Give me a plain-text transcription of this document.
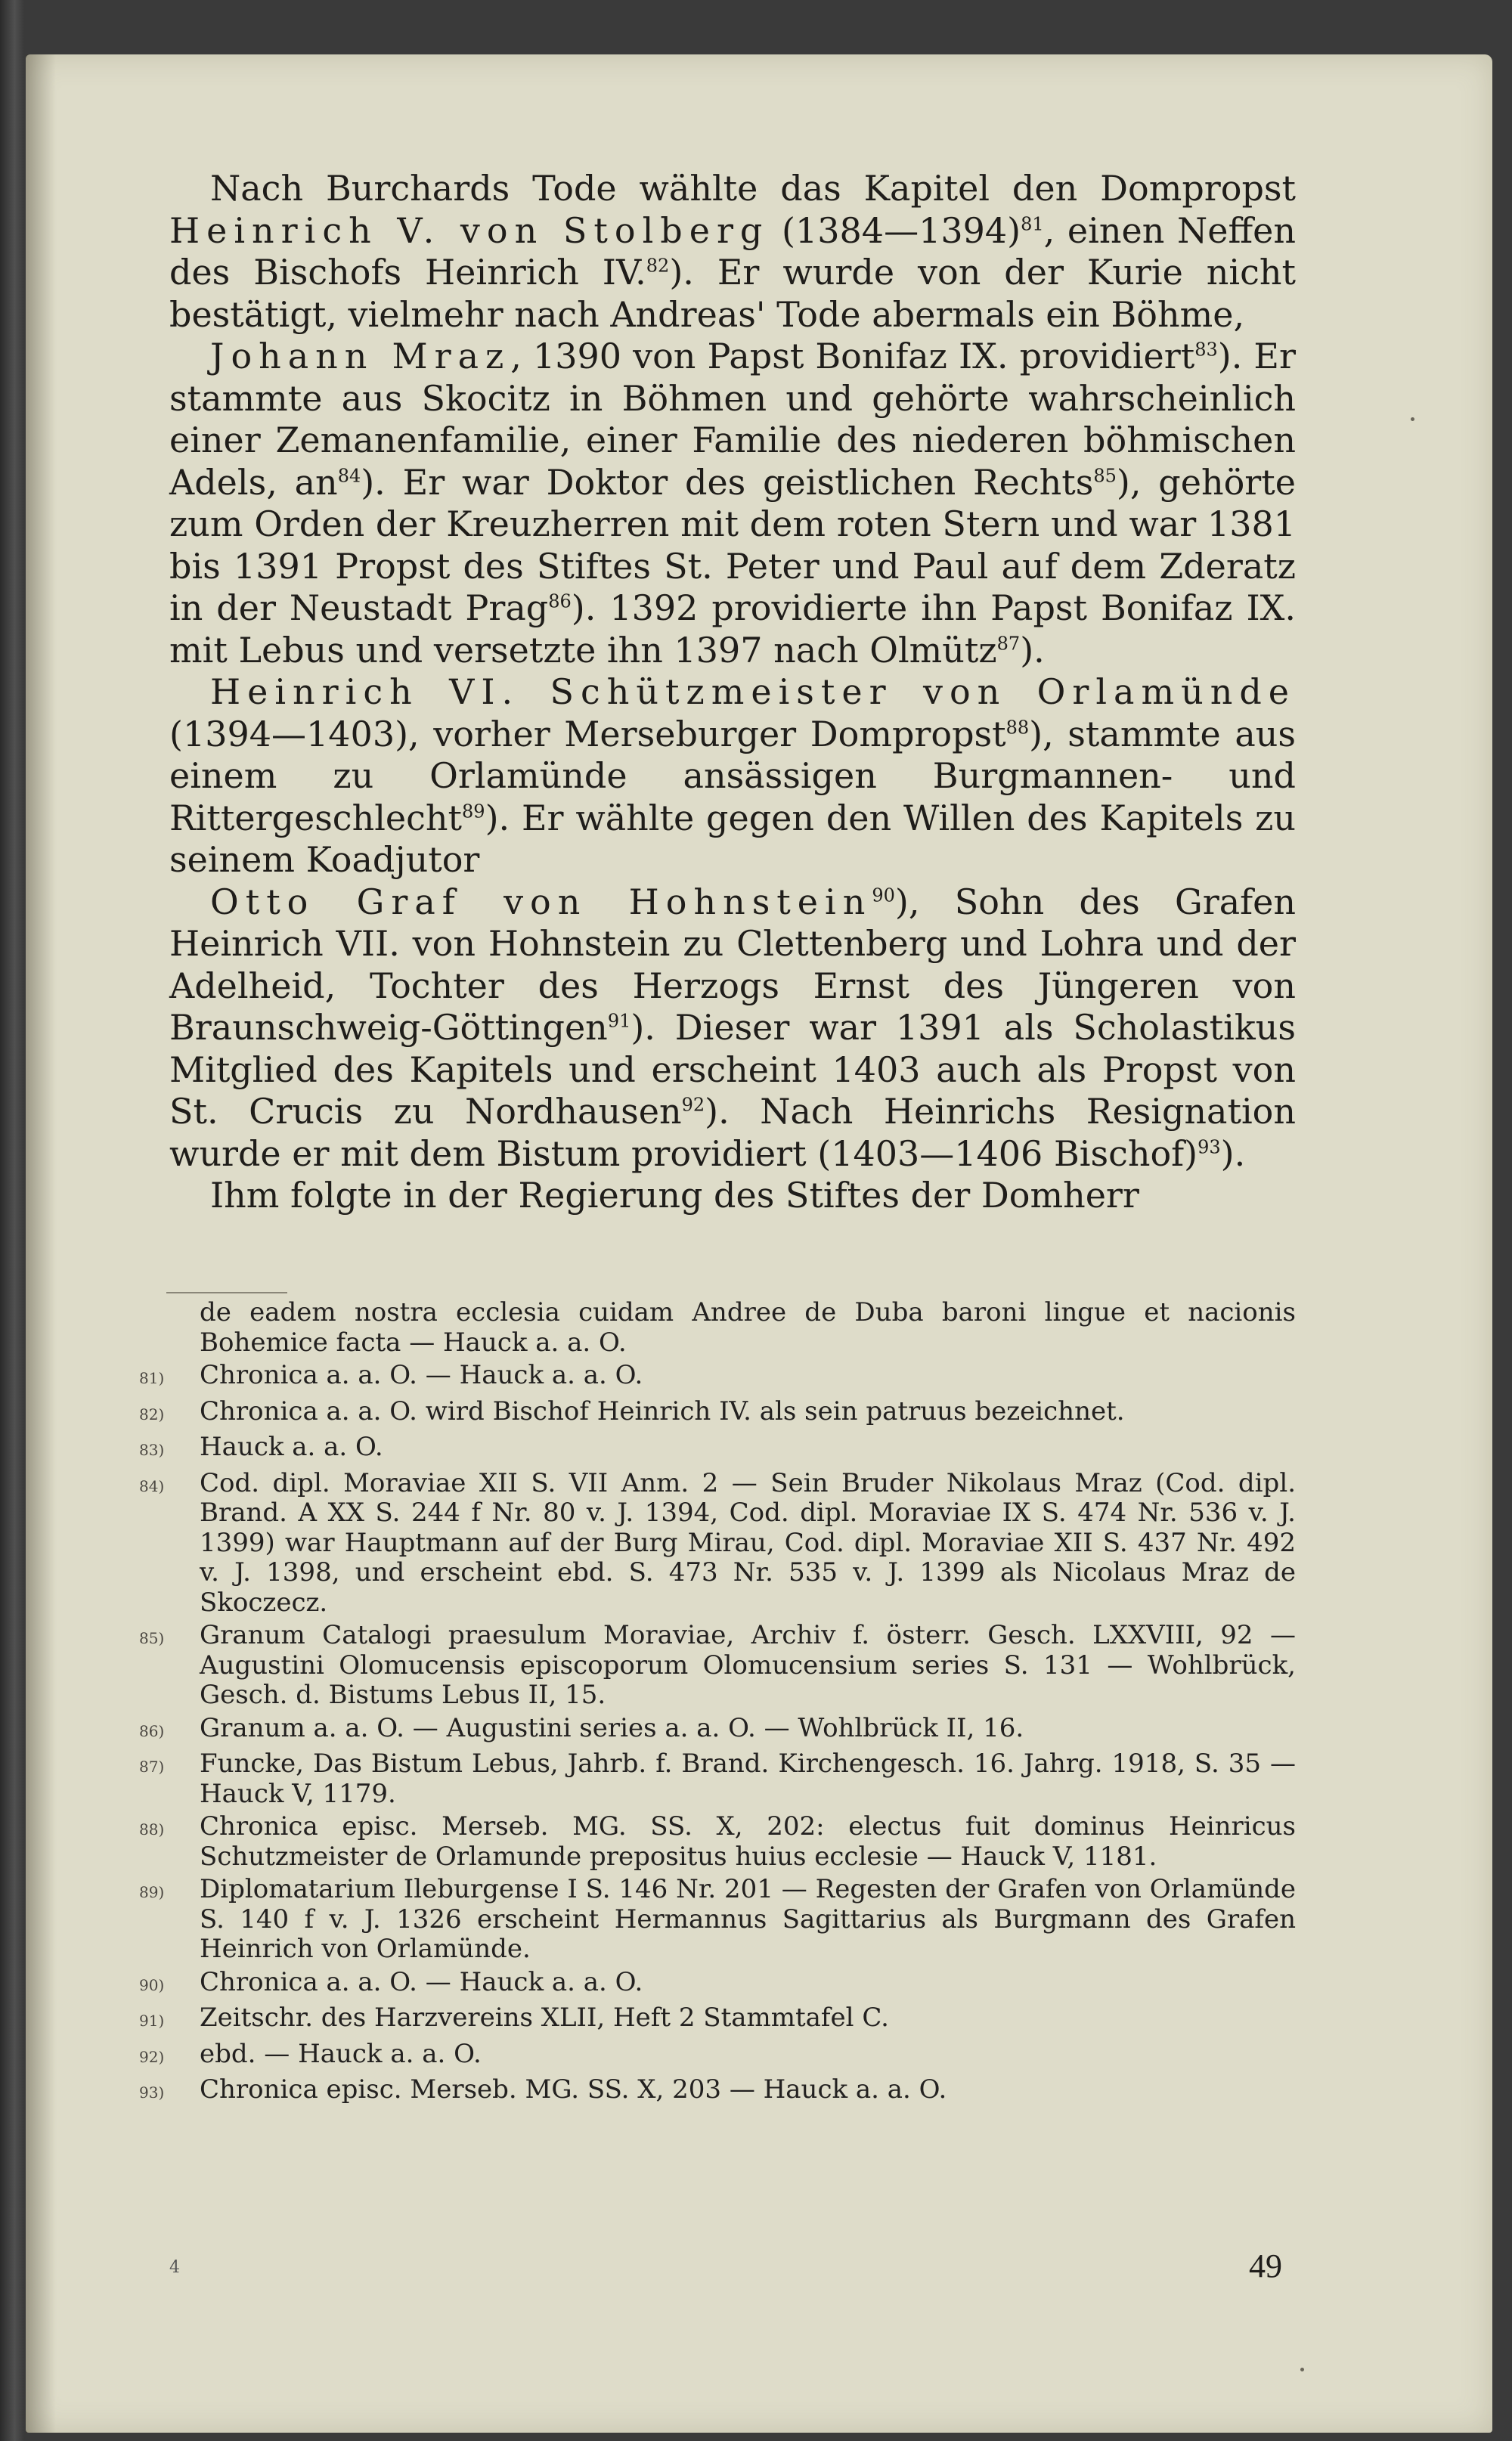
Nach Burchards Tode wählte das Kapitel den Dompropst Heinrich V. von Stolberg (1384—1394)$^{81}$, einen Neffen des Bischofs Heinrich IV.$^{82}$). Er wurde von der Kurie nicht bestätigt, vielmehr nach Andreas' Tode abermals ein Böhme,

Johann Mraz, 1390 von Papst Bonifaz IX. providiert$^{83}$). Er stammte aus Skocitz in Böhmen und gehörte wahrscheinlich einer Zemanenfamilie, einer Familie des niederen böhmischen Adels, $an^{84}$). Er war Doktor des geistlichen Rechts$^{85}$), gehörte zum Orden der Kreuzherren mit dem roten Stern und war 1381 bis 1391 Propst des Stiftes St. Peter und Paul auf dem Zderatz in der Neustadt Prag$^{86}$). 1392 providierte ihn Papst Bonifaz IX. mit Lebus und versetzte ihn 1397 nach Olmütz$^{87}$).

Heinrich VI. Schützmeister von Orlamünde (1394—1403), vorher Merseburger Dompropst$^{88}$), stammte aus einem zu Orlamünde ansässigen Burgmannen- und Rittergeschlecht$^{89}$). Er wählte gegen den Willen des Kapitels zu seinem Koadjutor

Otto Graf von Hohnstein$^{90}$), Sohn des Grafen Heinrich VII. von Hohnstein zu Clettenberg und Lohra und der Adelheid, Tochter des Herzogs Ernst des Jüngeren von Braunschweig-Göttingen$^{91}$). Dieser war 1391 als Scholastikus Mitglied des Kapitels und erscheint 1403 auch als Propst von St. Crucis zu Nordhausen$^{92}$). Nach Heinrichs Resignation wurde er mit dem Bistum providiert (1403—1406 Bischof)$^{93}$).

Ihm folgte in der Regierung des Stiftes der Domherr

de eadem nostra ecclesia cuidam Andree de Duba baroni lingue et nacionis Bohemice facta — Hauck a. a. O.
81)	Chronica a. a. O. — Hauck a. a. O.
82)	Chronica a. a. O. wird Bischof Heinrich IV. als sein patruus bezeichnet.
83)	Hauck a. a. O.
84)	Cod. dipl. Moraviae XII S. VII Anm. 2 — Sein Bruder Nikolaus Mraz (Cod. dipl. Brand. A XX S. 244 f Nr. 80 v. J. 1394, Cod. dipl. Moraviae IX S. 474 Nr. 536 v. J. 1399) war Hauptmann auf der Burg Mirau, Cod. dipl. Moraviae XII S. 437 Nr. 492 v. J. 1398, und erscheint ebd. S. 473 Nr. 535 v. J. 1399 als Nicolaus Mraz de Skoczecz.
85)	Granum Catalogi praesulum Moraviae, Archiv f. österr. Gesch. LXXVIII, 92 — Augustini Olomucensis episcoporum Olomucensium series S. 131 — Wohlbrück, Gesch. d. Bistums Lebus II, 15.
86)	Granum a. a. O. — Augustini series a. a. O. — Wohlbrück II, 16.
87)	Funcke, Das Bistum Lebus, Jahrb. f. Brand. Kirchengesch. 16. Jahrg. 1918, S. 35 — Hauck V, 1179.
88)	Chronica episc. Merseb. MG. SS. X, 202: electus fuit dominus Heinricus Schutzmeister de Orlamunde prepositus huius ecclesie — Hauck V, 1181.
89)	Diplomatarium Ileburgense I S. 146 Nr. 201 — Regesten der Grafen von Orlamünde S. 140 f v. J. 1326 erscheint Hermannus Sagittarius als Burgmann des Grafen Heinrich von Orlamünde.
90)	Chronica a. a. O. — Hauck a. a. O.
91)	Zeitschr. des Harzvereins XLII, Heft 2 Stammtafel C.
92)	ebd. — Hauck a. a. O.
93)	Chronica episc. Merseb. MG. SS. X, 203 — Hauck a. a. O.
4	49
